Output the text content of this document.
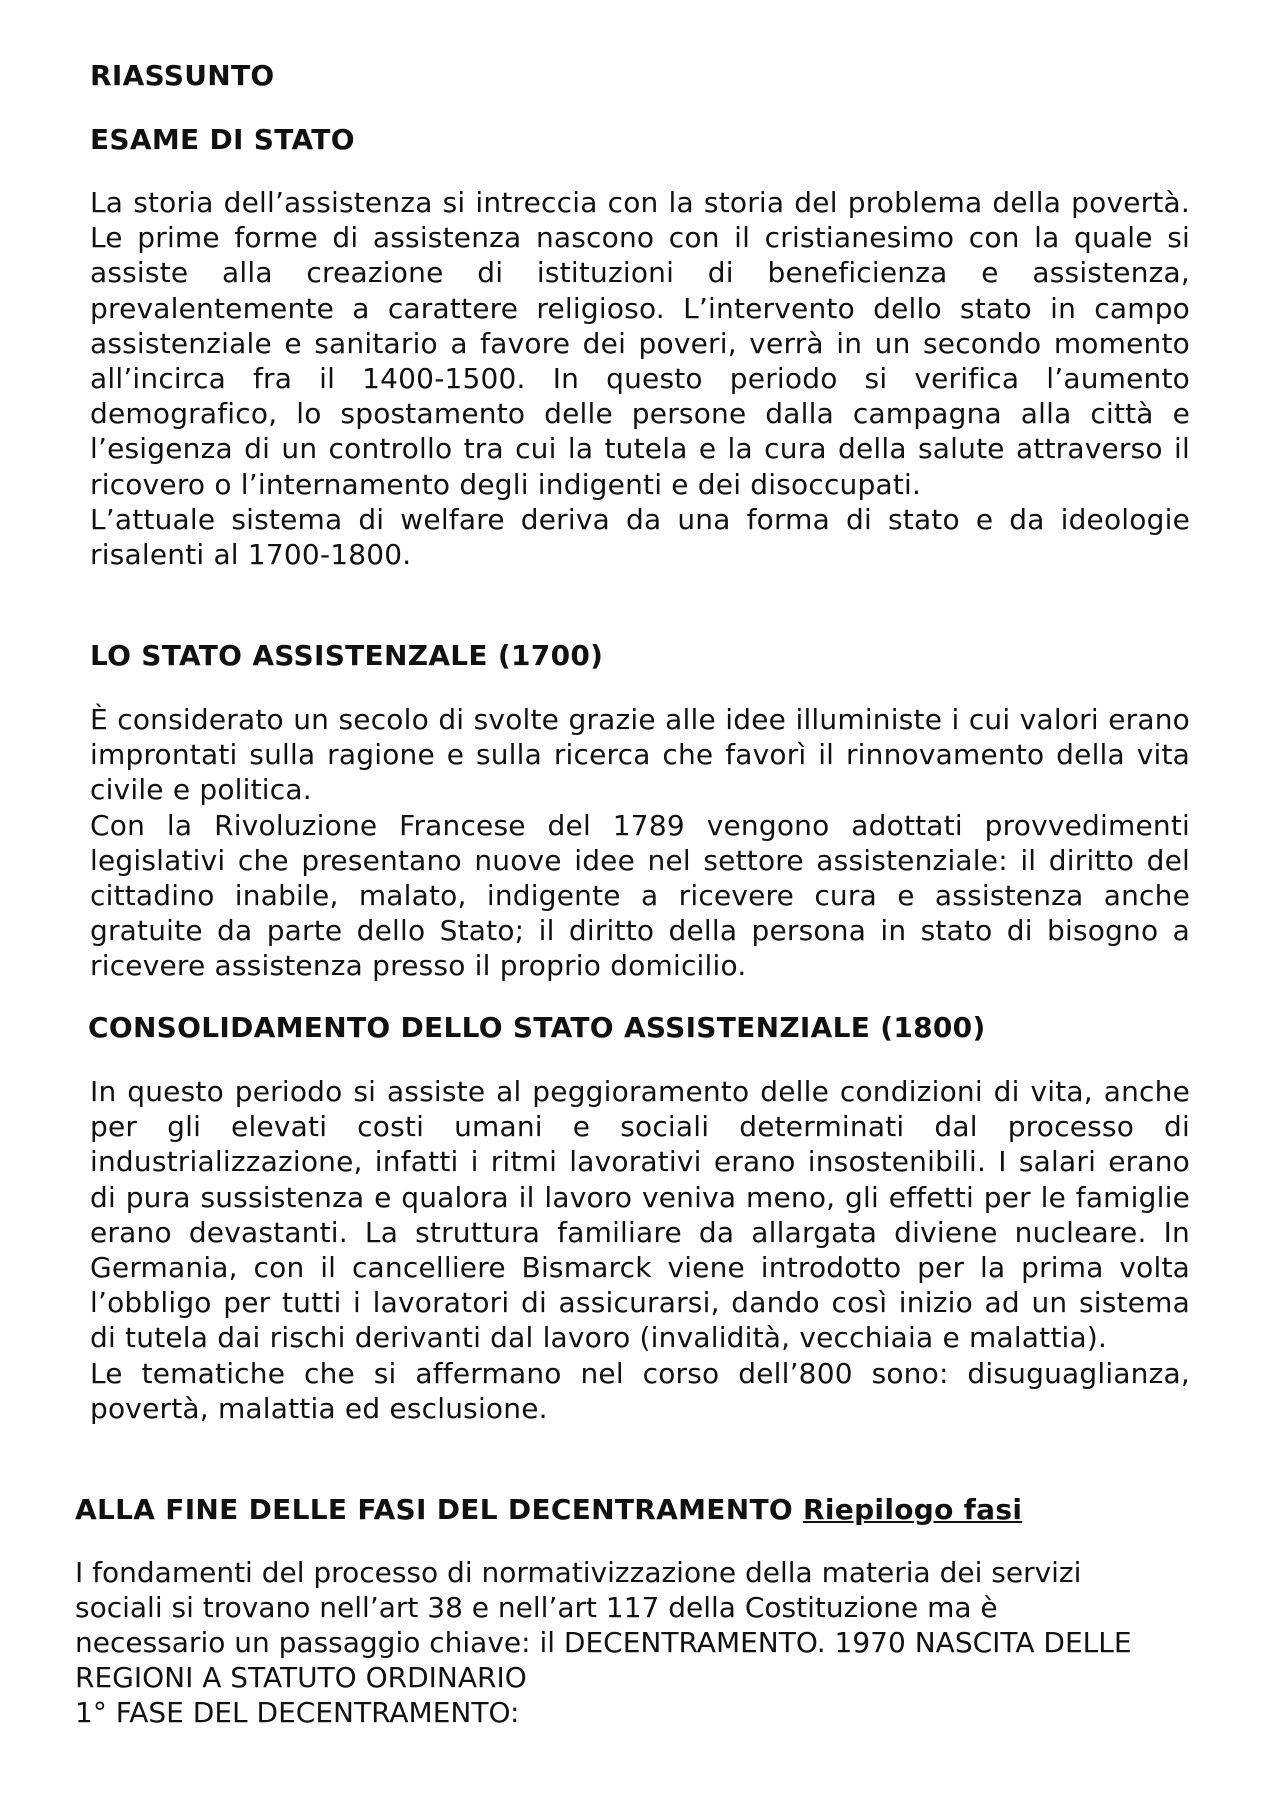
RIASSUNTO
ESAME DI STATO

La storia dell’assistenza si intreccia con la storia del problema della povertà. Le prime forme di assistenza nascono con il cristianesimo con la quale si assiste alla creazione di istituzioni di beneficienza e assistenza, prevalentemente a carattere religioso. L’intervento dello stato in campo assistenziale e sanitario a favore dei poveri, verrà in un secondo momento all’incirca fra il 1400-1500. In questo periodo si verifica l’aumento demografico, lo spostamento delle persone dalla campagna alla città e l’esigenza di un controllo tra cui la tutela e la cura della salute attraverso il ricovero o l’internamento degli indigenti e dei disoccupati.

L’attuale sistema di welfare deriva da una forma di stato e da ideologie risalenti al 1700-1800.

LO STATO ASSISTENZALE (1700)

È considerato un secolo di svolte grazie alle idee illuministe i cui valori erano improntati sulla ragione e sulla ricerca che favorì il rinnovamento della vita civile e politica.

Con la Rivoluzione Francese del 1789 vengono adottati provvedimenti legislativi che presentano nuove idee nel settore assistenziale: il diritto del cittadino inabile, malato, indigente a ricevere cura e assistenza anche gratuite da parte dello Stato; il diritto della persona in stato di bisogno a ricevere assistenza presso il proprio domicilio.

CONSOLIDAMENTO DELLO STATO ASSISTENZIALE (1800)

In questo periodo si assiste al peggioramento delle condizioni di vita, anche per gli elevati costi umani e sociali determinati dal processo di industrializzazione, infatti i ritmi lavorativi erano insostenibili. I salari erano di pura sussistenza e qualora il lavoro veniva meno, gli effetti per le famiglie erano devastanti. La struttura familiare da allargata diviene nucleare. In Germania, con il cancelliere Bismarck viene introdotto per la prima volta l’obbligo per tutti i lavoratori di assicurarsi, dando così inizio ad un sistema di tutela dai rischi derivanti dal lavoro (invalidità, vecchiaia e malattia).

Le tematiche che si affermano nel corso dell’800 sono: disuguaglianza, povertà, malattia ed esclusione.

ALLA FINE DELLE FASI DEL DECENTRAMENTO Riepilogo fasi

I fondamenti del processo di normativizzazione della materia dei servizi

sociali si trovano nell’art 38 e nell’art 117 della Costituzione ma è

necessario un passaggio chiave: il DECENTRAMENTO. 1970 NASCITA DELLE

REGIONI A STATUTO ORDINARIO

1° FASE DEL DECENTRAMENTO:
